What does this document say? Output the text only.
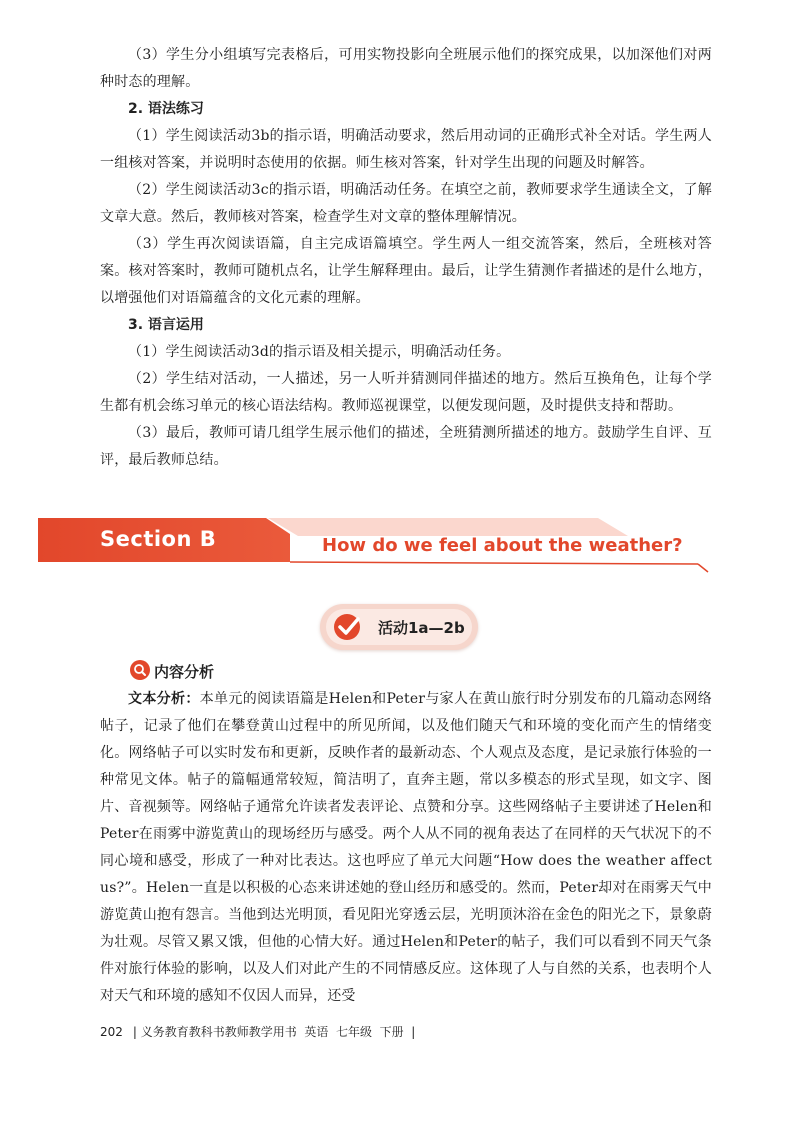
（3）学生分小组填写完表格后，可用实物投影向全班展示他们的探究成果，以加深他们对两种时态的理解。

2. 语法练习

（1）学生阅读活动3b的指示语，明确活动要求，然后用动词的正确形式补全对话。学生两人一组核对答案，并说明时态使用的依据。师生核对答案，针对学生出现的问题及时解答。

（2）学生阅读活动3c的指示语，明确活动任务。在填空之前，教师要求学生通读全文，了解文章大意。然后，教师核对答案，检查学生对文章的整体理解情况。

（3）学生再次阅读语篇，自主完成语篇填空。学生两人一组交流答案，然后，全班核对答案。核对答案时，教师可随机点名，让学生解释理由。最后，让学生猜测作者描述的是什么地方，以增强他们对语篇蕴含的文化元素的理解。

3. 语言运用

（1）学生阅读活动3d的指示语及相关提示，明确活动任务。

（2）学生结对活动，一人描述，另一人听并猜测同伴描述的地方。然后互换角色，让每个学生都有机会练习单元的核心语法结构。教师巡视课堂，以便发现问题，及时提供支持和帮助。

（3）最后，教师可请几组学生展示他们的描述，全班猜测所描述的地方。鼓励学生自评、互评，最后教师总结。

Section B	How do we feel about the weather?
活动1a—2b
内容分析

文本分析：本单元的阅读语篇是Helen和Peter与家人在黄山旅行时分别发布的几篇动态网络帖子，记录了他们在攀登黄山过程中的所见所闻，以及他们随天气和环境的变化而产生的情绪变化。网络帖子可以实时发布和更新，反映作者的最新动态、个人观点及态度，是记录旅行体验的一种常见文体。帖子的篇幅通常较短，简洁明了，直奔主题，常以多模态的形式呈现，如文字、图片、音视频等。网络帖子通常允许读者发表评论、点赞和分享。这些网络帖子主要讲述了Helen和Peter在雨雾中游览黄山的现场经历与感受。两个人从不同的视角表达了在同样的天气状况下的不同心境和感受，形成了一种对比表达。这也呼应了单元大问题“How does the weather affect us?”。Helen一直是以积极的心态来讲述她的登山经历和感受的。然而，Peter却对在雨雾天气中游览黄山抱有怨言。当他到达光明顶，看见阳光穿透云层，光明顶沐浴在金色的阳光之下，景象蔚为壮观。尽管又累又饿，但他的心情大好。通过Helen和Peter的帖子，我们可以看到不同天气条件对旅行体验的影响，以及人们对此产生的不同情感反应。这体现了人与自然的关系，也表明个人对天气和环境的感知不仅因人而异，还受

202 | 义务教育教科书教师教学用书  英语  七年级  下册  |
